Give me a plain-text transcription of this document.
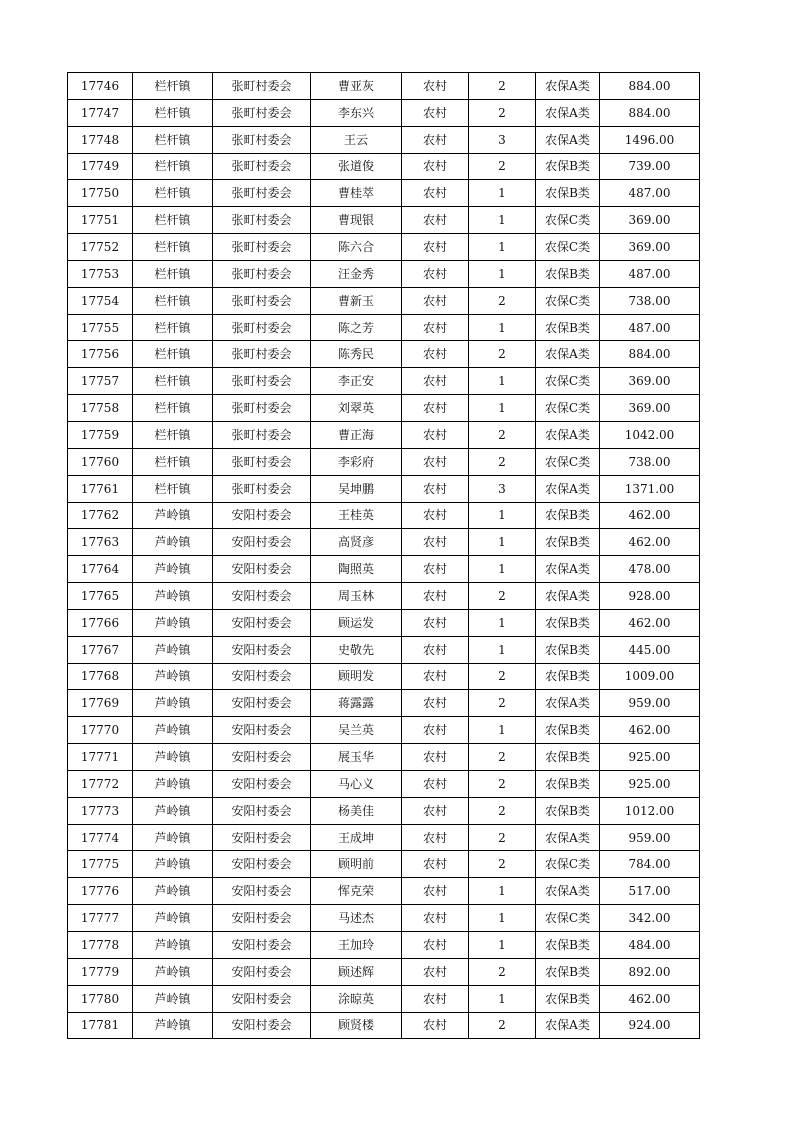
17746	栏杆镇	张町村委会	曹亚灰	农村	2	农保A类	884.00
17747	栏杆镇	张町村委会	李东兴	农村	2	农保A类	884.00
17748	栏杆镇	张町村委会	王云	农村	3	农保A类	1496.00
17749	栏杆镇	张町村委会	张道俊	农村	2	农保B类	739.00
17750	栏杆镇	张町村委会	曹桂萃	农村	1	农保B类	487.00
17751	栏杆镇	张町村委会	曹现银	农村	1	农保C类	369.00
17752	栏杆镇	张町村委会	陈六合	农村	1	农保C类	369.00
17753	栏杆镇	张町村委会	汪金秀	农村	1	农保B类	487.00
17754	栏杆镇	张町村委会	曹新玉	农村	2	农保C类	738.00
17755	栏杆镇	张町村委会	陈之芳	农村	1	农保B类	487.00
17756	栏杆镇	张町村委会	陈秀民	农村	2	农保A类	884.00
17757	栏杆镇	张町村委会	李正安	农村	1	农保C类	369.00
17758	栏杆镇	张町村委会	刘翠英	农村	1	农保C类	369.00
17759	栏杆镇	张町村委会	曹正海	农村	2	农保A类	1042.00
17760	栏杆镇	张町村委会	李彩府	农村	2	农保C类	738.00
17761	栏杆镇	张町村委会	吴坤鹏	农村	3	农保A类	1371.00
17762	芦岭镇	安阳村委会	王桂英	农村	1	农保B类	462.00
17763	芦岭镇	安阳村委会	高贤彦	农村	1	农保B类	462.00
17764	芦岭镇	安阳村委会	陶照英	农村	1	农保A类	478.00
17765	芦岭镇	安阳村委会	周玉林	农村	2	农保A类	928.00
17766	芦岭镇	安阳村委会	顾运发	农村	1	农保B类	462.00
17767	芦岭镇	安阳村委会	史敬先	农村	1	农保B类	445.00
17768	芦岭镇	安阳村委会	顾明发	农村	2	农保B类	1009.00
17769	芦岭镇	安阳村委会	蒋露露	农村	2	农保A类	959.00
17770	芦岭镇	安阳村委会	吴兰英	农村	1	农保B类	462.00
17771	芦岭镇	安阳村委会	展玉华	农村	2	农保B类	925.00
17772	芦岭镇	安阳村委会	马心义	农村	2	农保B类	925.00
17773	芦岭镇	安阳村委会	杨美佳	农村	2	农保B类	1012.00
17774	芦岭镇	安阳村委会	王成坤	农村	2	农保A类	959.00
17775	芦岭镇	安阳村委会	顾明前	农村	2	农保C类	784.00
17776	芦岭镇	安阳村委会	恽克荣	农村	1	农保A类	517.00
17777	芦岭镇	安阳村委会	马述杰	农村	1	农保C类	342.00
17778	芦岭镇	安阳村委会	王加玲	农村	1	农保B类	484.00
17779	芦岭镇	安阳村委会	顾述辉	农村	2	农保B类	892.00
17780	芦岭镇	安阳村委会	涂晾英	农村	1	农保B类	462.00
17781	芦岭镇	安阳村委会	顾贤楼	农村	2	农保A类	924.00
